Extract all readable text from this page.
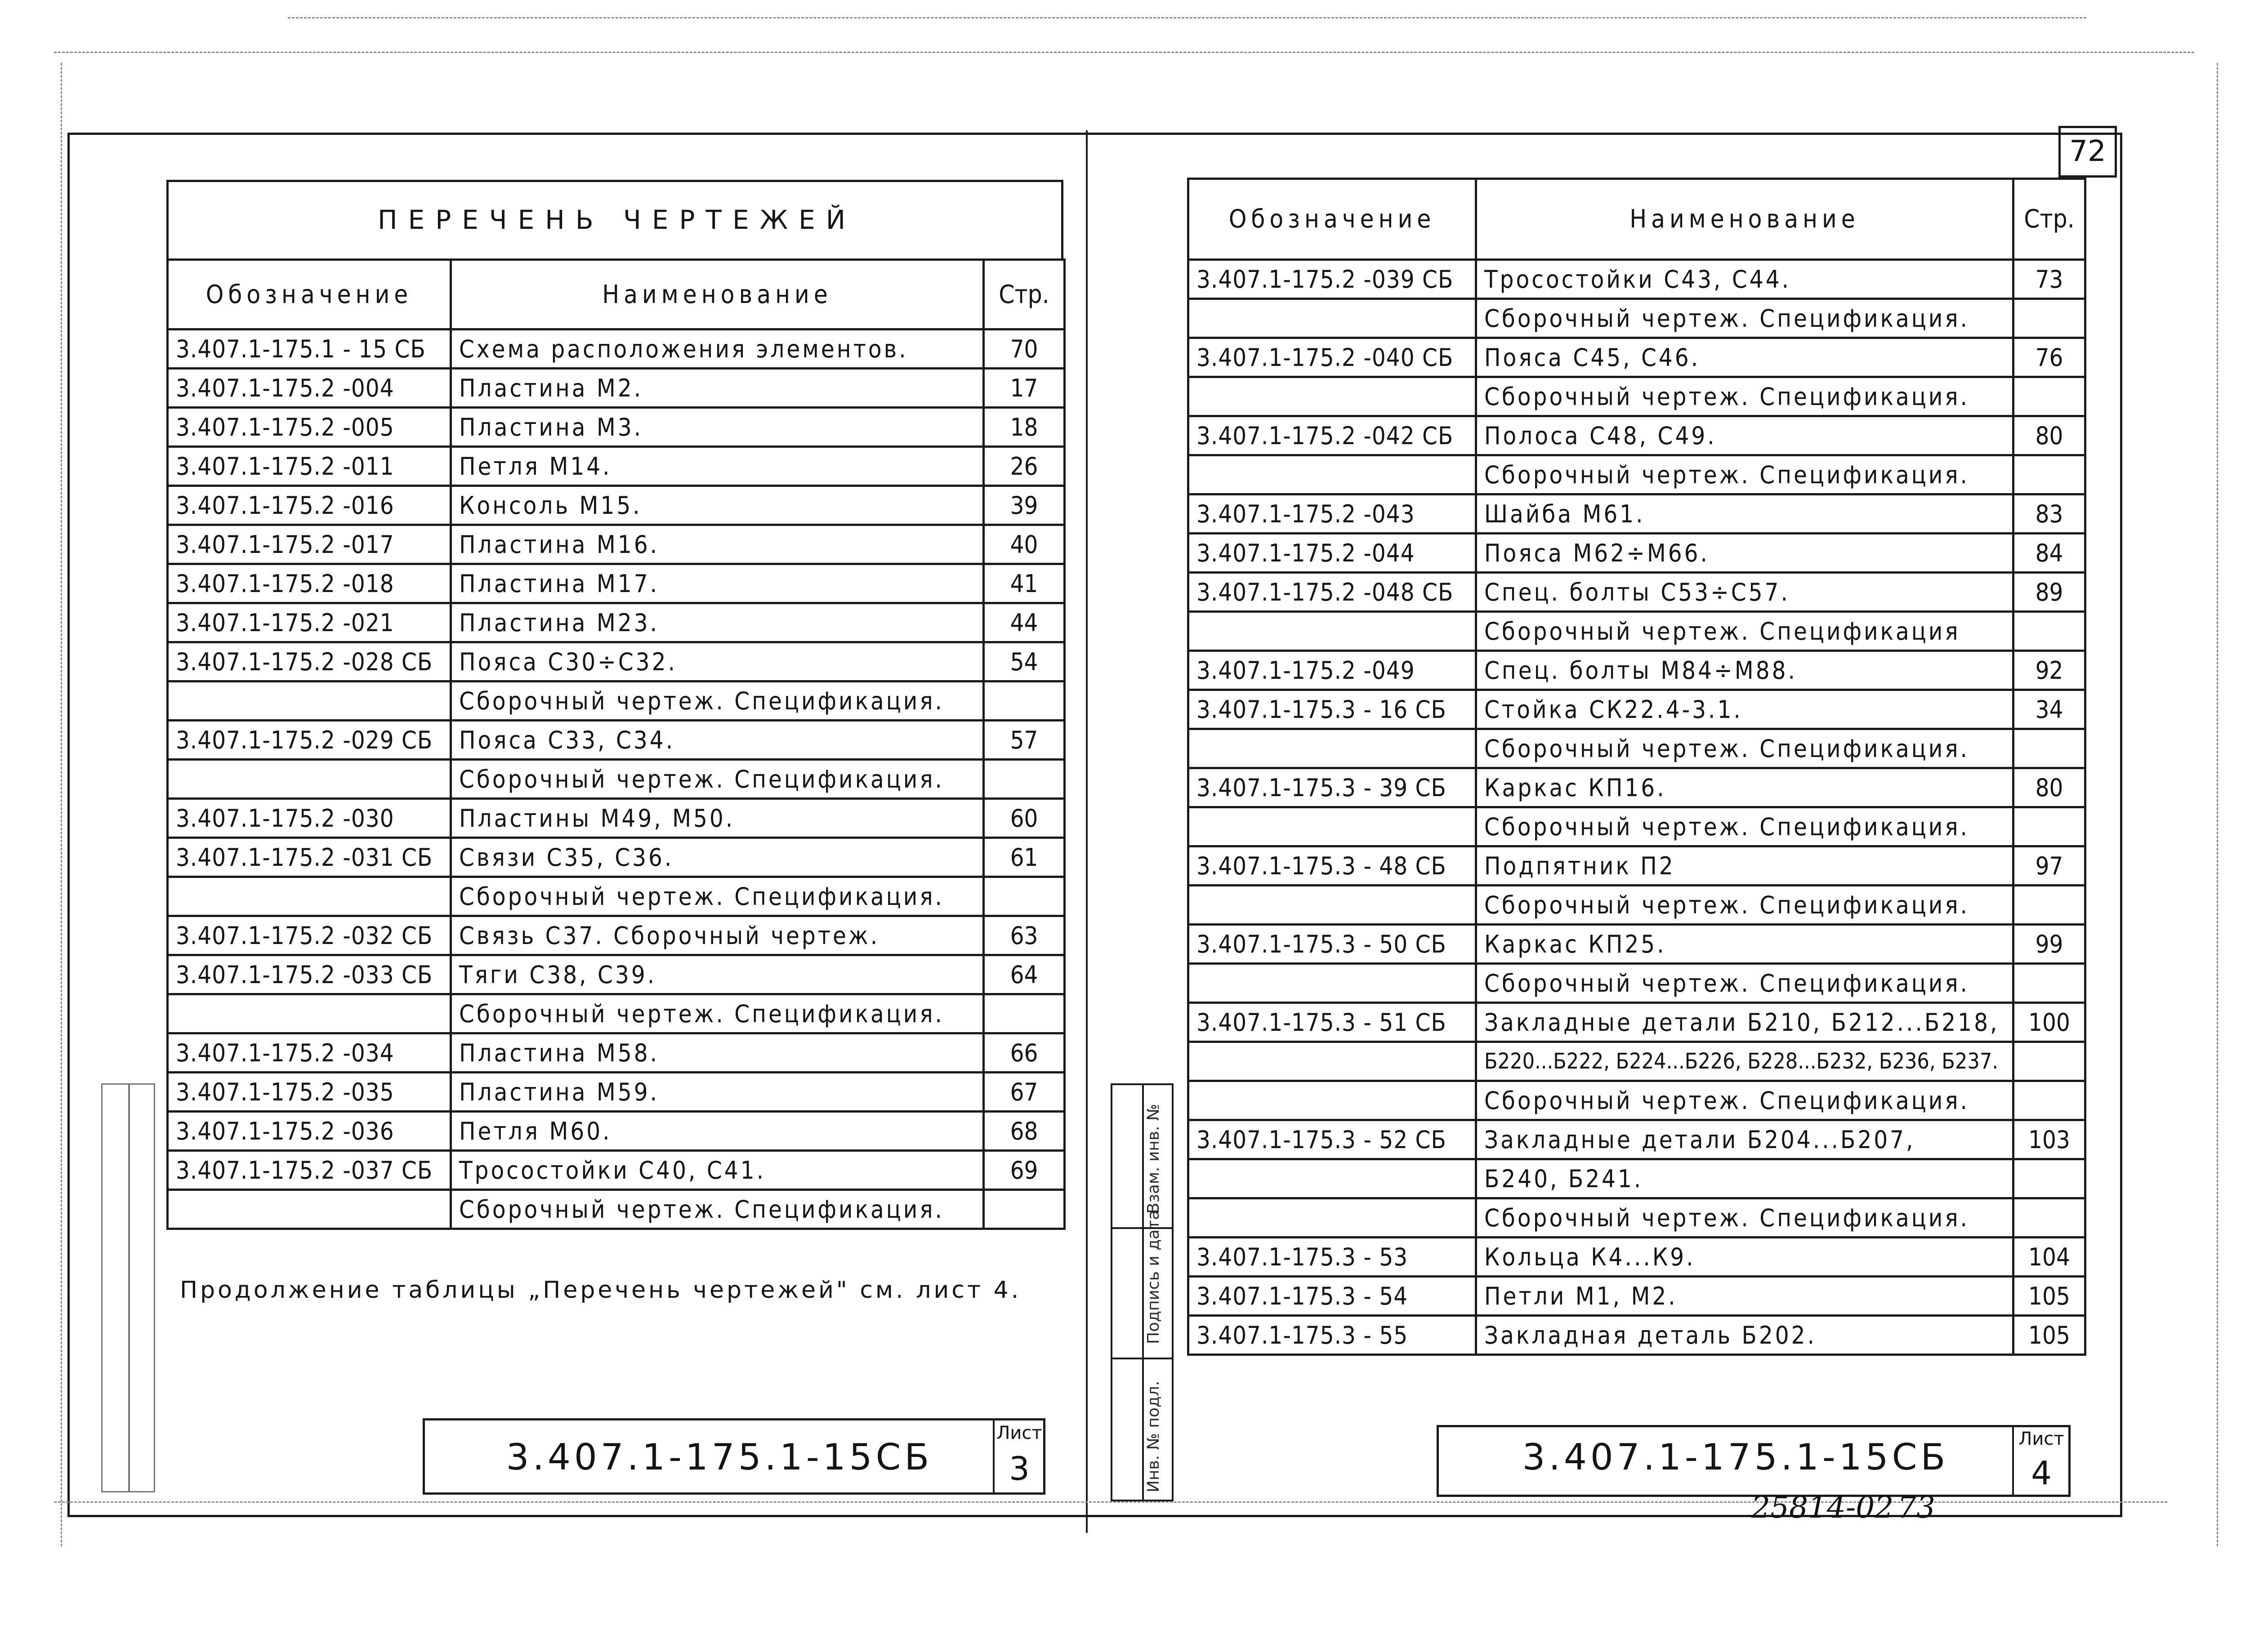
72
ПЕРЕЧЕНЬ ЧЕРТЕЖЕЙ
Обозначение	Наименование	Стр.
3.407.1-175.1 - 15 СБ	Схема расположения элементов.	70
3.407.1-175.2 -004	Пластина М2.	17
3.407.1-175.2 -005	Пластина М3.	18
3.407.1-175.2 -011	Петля М14.	26
3.407.1-175.2 -016	Консоль М15.	39
3.407.1-175.2 -017	Пластина М16.	40
3.407.1-175.2 -018	Пластина М17.	41
3.407.1-175.2 -021	Пластина М23.	44
3.407.1-175.2 -028 СБ	Пояса С30÷С32.	54
	Сборочный чертеж. Спецификация.	
3.407.1-175.2 -029 СБ	Пояса С33, С34.	57
	Сборочный чертеж. Спецификация.	
3.407.1-175.2 -030	Пластины М49, М50.	60
3.407.1-175.2 -031 СБ	Связи С35, С36.	61
	Сборочный чертеж. Спецификация.	
3.407.1-175.2 -032 СБ	Связь С37. Сборочный чертеж.	63
3.407.1-175.2 -033 СБ	Тяги С38, С39.	64
	Сборочный чертеж. Спецификация.	
3.407.1-175.2 -034	Пластина М58.	66
3.407.1-175.2 -035	Пластина М59.	67
3.407.1-175.2 -036	Петля М60.	68
3.407.1-175.2 -037 СБ	Тросостойки С40, С41.	69
	Сборочный чертеж. Спецификация.	
Продолжение таблицы „Перечень чертежей" см. лист 4.
3.407.1-175.1-15СБ
Лист
3
Обозначение	Наименование	Стр.
3.407.1-175.2 -039 СБ	Тросостойки С43, С44.	73
	Сборочный чертеж. Спецификация.	
3.407.1-175.2 -040 СБ	Пояса С45, С46.	76
	Сборочный чертеж. Спецификация.	
3.407.1-175.2 -042 СБ	Полоса С48, С49.	80
	Сборочный чертеж. Спецификация.	
3.407.1-175.2 -043	Шайба М61.	83
3.407.1-175.2 -044	Пояса М62÷М66.	84
3.407.1-175.2 -048 СБ	Спец. болты С53÷С57.	89
	Сборочный чертеж. Спецификация	
3.407.1-175.2 -049	Спец. болты М84÷М88.	92
3.407.1-175.3 - 16 СБ	Стойка СК22.4-3.1.	34
	Сборочный чертеж. Спецификация.	
3.407.1-175.3 - 39 СБ	Каркас КП16.	80
	Сборочный чертеж. Спецификация.	
3.407.1-175.3 - 48 СБ	Подпятник П2	97
	Сборочный чертеж. Спецификация.	
3.407.1-175.3 - 50 СБ	Каркас КП25.	99
	Сборочный чертеж. Спецификация.	
3.407.1-175.3 - 51 СБ	Закладные детали Б210, Б212...Б218,	100
	Б220...Б222, Б224...Б226, Б228...Б232, Б236, Б237.	
	Сборочный чертеж. Спецификация.	
3.407.1-175.3 - 52 СБ	Закладные детали Б204...Б207,	103
	Б240, Б241.	
	Сборочный чертеж. Спецификация.	
3.407.1-175.3 - 53	Кольца К4...К9.	104
3.407.1-175.3 - 54	Петли М1, М2.	105
3.407.1-175.3 - 55	Закладная деталь Б202.	105
3.407.1-175.1-15СБ	Лист
4
Взам. инв. №
Подпись и дата
Инв. № подл.
25814-02 73
